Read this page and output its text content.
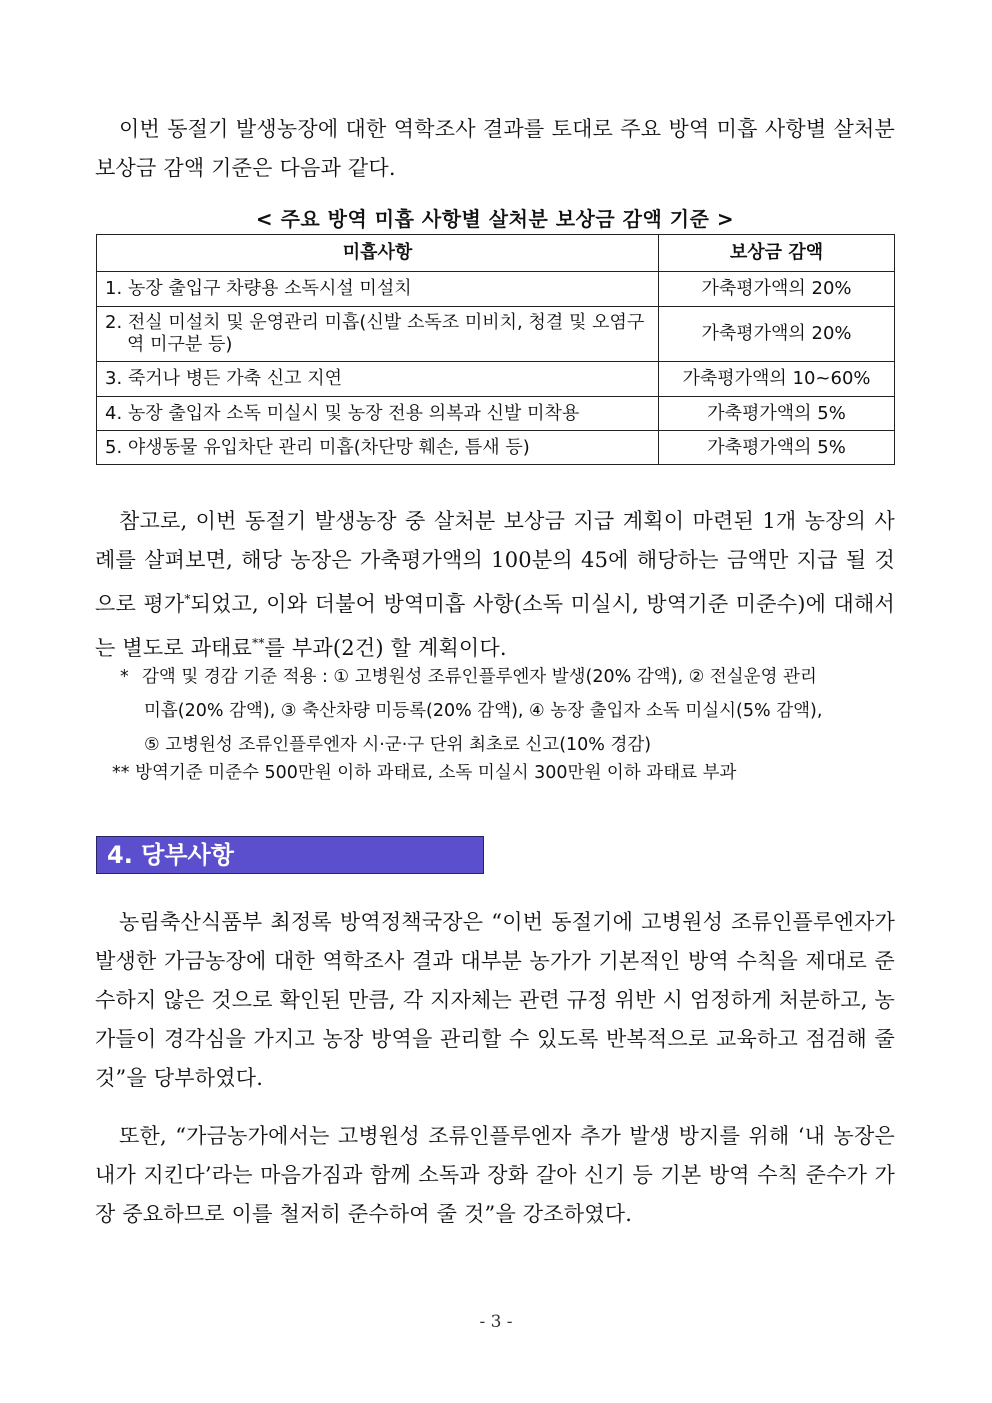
이번 동절기 발생농장에 대한 역학조사 결과를 토대로 주요 방역 미흡 사항별 살처분 보상금 감액 기준은 다음과 같다.
< 주요 방역 미흡 사항별 살처분 보상금 감액 기준 >
미흡사항	보상금 감액
1. 농장 출입구 차량용 소독시설 미설치	가축평가액의 20%

2. 전실 미설치 및 운영관리 미흡(신발 소독조 미비치, 청결 및 오염구역 미구분 등)	가축평가액의 20%
3. 죽거나 병든 가축 신고 지연	가축평가액의 10~60%
4. 농장 출입자 소독 미실시 및 농장 전용 의복과 신발 미착용	가축평가액의 5%
5. 야생동물 유입차단 관리 미흡(차단망 훼손, 틈새 등)	가축평가액의 5%
참고로, 이번 동절기 발생농장 중 살처분 보상금 지급 계획이 마련된 1개 농장의 사례를 살펴보면, 해당 농장은 가축평가액의 100분의 45에 해당하는 금액만 지급 될 것으로 평가*되었고, 이와 더불어 방역미흡 사항(소독 미실시, 방역기준 미준수)에 대해서는 별도로 과태료**를 부과(2건) 할 계획이다.
* 감액 및 경감 기준 적용 : ① 고병원성 조류인플루엔자 발생(20% 감액), ② 전실운영 관리
미흡(20% 감액), ③ 축산차량 미등록(20% 감액), ④ 농장 출입자 소독 미실시(5% 감액),
⑤ 고병원성 조류인플루엔자 시·군·구 단위 최초로 신고(10% 경감)
** 방역기준 미준수 500만원 이하 과태료, 소독 미실시 300만원 이하 과태료 부과
4. 당부사항
농림축산식품부 최정록 방역정책국장은 “이번 동절기에 고병원성 조류인플루엔자가 발생한 가금농장에 대한 역학조사 결과 대부분 농가가 기본적인 방역 수칙을 제대로 준수하지 않은 것으로 확인된 만큼, 각 지자체는 관련 규정 위반 시 엄정하게 처분하고, 농가들이 경각심을 가지고 농장 방역을 관리할 수 있도록 반복적으로 교육하고 점검해 줄 것”을 당부하였다.
또한, “가금농가에서는 고병원성 조류인플루엔자 추가 발생 방지를 위해 ‘내 농장은 내가 지킨다’라는 마음가짐과 함께 소독과 장화 갈아 신기 등 기본 방역 수칙 준수가 가장 중요하므로 이를 철저히 준수하여 줄 것”을 강조하였다.
- 3 -
